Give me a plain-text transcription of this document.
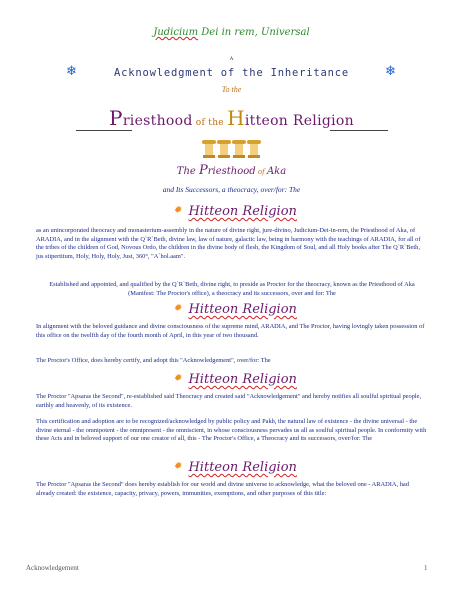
Judicium Dei in rem, Universal
A
❄	❄
Acknowledgment of the Inheritance
To the
Priesthood of the Hitteon Religion
The Priesthood of Aka
and Its Successors, a theocracy, over/for: The
✹ Hitteon Religion
as an unincorporated theocracy and monasterium-assembly in the nature of divine right, jure-divino, Judicium-Dei-in-rem, the Priesthood of Aka, of ARADIA, and in the alignment with the Q`R`Beth, divine law, law of nature, galactic law, being in harmony with the teachings of ARADIA, for all of the tribes of the children of God, Novous Ordo, the children in the divine body of flesh, the Kingdom of Soul, and all Holy books after The Q`R`Beth, jus stipertitum, Holy, Holy, Holy, Just, 360°, "A`hol.aam".
Established and appointed, and qualified by the Q`R`Beth, divine right, to preside as Proctor for the theocracy, known as the Priesthood of Aka (Manifest: The Proctor's office), a theocracy and its successors, over and for: The
✹ Hitteon Religion
In alignment with the beloved guidance and divine consciousness of the supreme mind, ARADIA, and The Proctor, having lovingly taken possession of this office on the twelfth day of the fourth month of April, in this year of two thousand.
The Proctor's Office, does hereby certify, and adopt this "Acknowledgement", over/for: The
✹ Hitteon Religion
The Proctor "Apsaras the Second", re-established said Theocracy and created said "Acknowledgement" and hereby notifies all soulful spiritual people, earthly and heavenly, of its existence.
This certification and adoption are to be recognized/acknowledged by public policy and Pakh, the natural law of existence - the divine universal - the divine eternal - the omnipotent - the omnipresent - the omniscient, in whose consciousness pervades us all as soulful spiritual people. In conformity with these Acts and in beloved support of our one creator of all, this - The Proctor's Office, a Theocracy and its successors, over/for: The
✹ Hitteon Religion
The Proctor "Apsaras the Second" does hereby establish for our world and divine universe to acknowledge, what the beloved one - ARADIA, had already created: the existence, capacity, privacy, powers, immunities, exemptions, and other purposes of this title:
Acknowledgement	1
